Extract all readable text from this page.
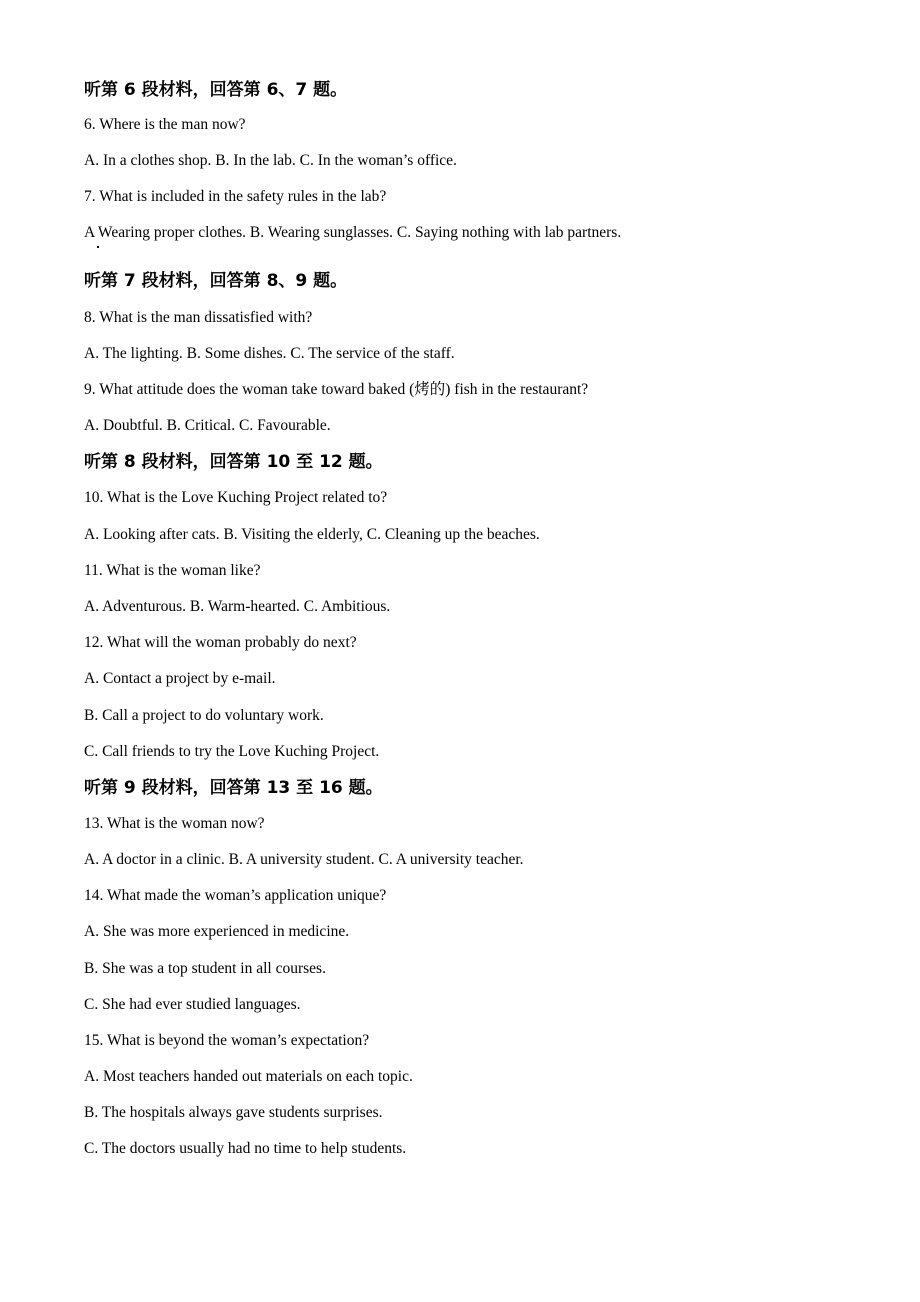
听第 6 段材料，回答第 6、7 题。
6. Where is the man now?
A. In a clothes shop. B. In the lab. C. In the woman’s office.
7. What is included in the safety rules in the lab?
A Wearing proper clothes. B. Wearing sunglasses. C. Saying nothing with lab partners.
听第 7 段材料，回答第 8、9 题。
8. What is the man dissatisfied with?
A. The lighting. B. Some dishes. C. The service of the staff.
9. What attitude does the woman take toward baked (烤的) fish in the restaurant?
A. Doubtful. B. Critical. C. Favourable.
听第 8 段材料，回答第 10 至 12 题。
10. What is the Love Kuching Project related to?
A. Looking after cats. B. Visiting the elderly, C. Cleaning up the beaches.
11. What is the woman like?
A. Adventurous. B. Warm-hearted. C. Ambitious.
12. What will the woman probably do next?
A. Contact a project by e-mail.
B. Call a project to do voluntary work.
C. Call friends to try the Love Kuching Project.
听第 9 段材料，回答第 13 至 16 题。
13. What is the woman now?
A. A doctor in a clinic. B. A university student. C. A university teacher.
14. What made the woman’s application unique?
A. She was more experienced in medicine.
B. She was a top student in all courses.
C. She had ever studied languages.
15. What is beyond the woman’s expectation?
A. Most teachers handed out materials on each topic.
B. The hospitals always gave students surprises.
C. The doctors usually had no time to help students.
